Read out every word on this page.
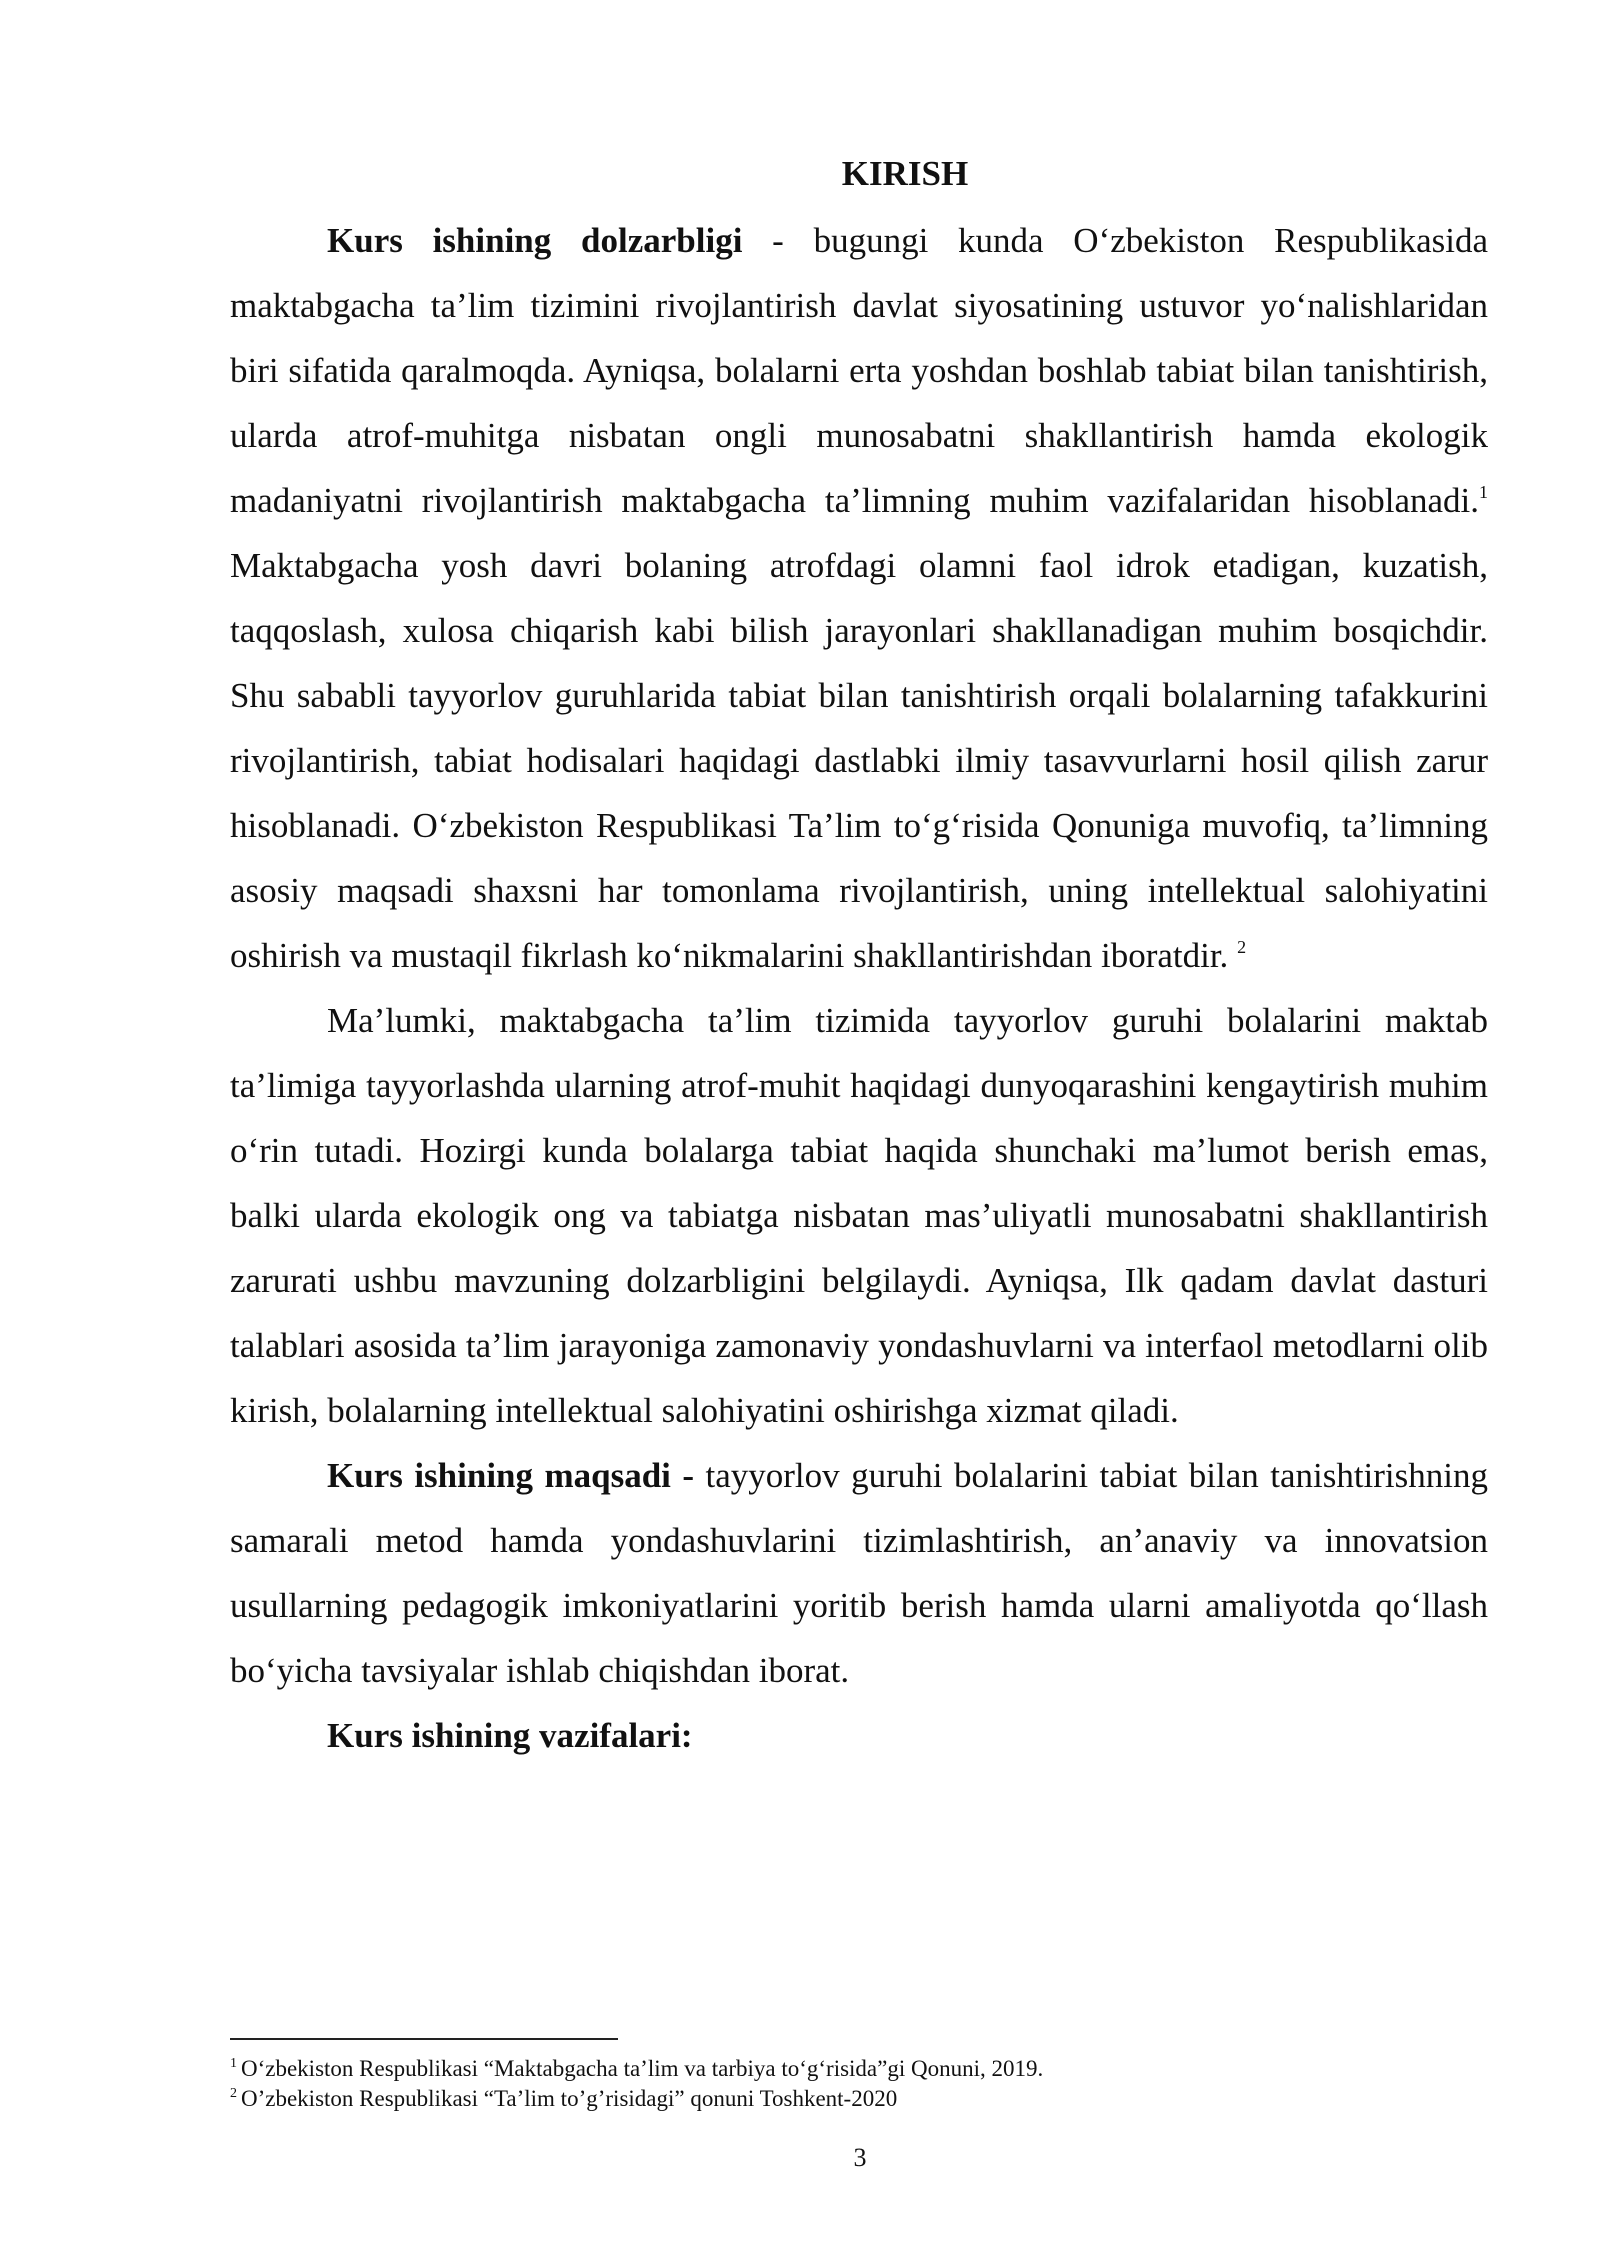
KIRISH

Kurs ishining dolzarbligi - bugungi kunda O‘zbekiston Respublikasida maktabgacha ta’lim tizimini rivojlantirish davlat siyosatining ustuvor yo‘nalishlaridan biri sifatida qaralmoqda. Ayniqsa, bolalarni erta yoshdan boshlab tabiat bilan tanishtirish, ularda atrof-muhitga nisbatan ongli munosabatni shakllantirish hamda ekologik madaniyatni rivojlantirish maktabgacha ta’limning muhim vazifalaridan hisoblanadi.$^1$ Maktabgacha yosh davri bolaning atrofdagi olamni faol idrok etadigan, kuzatish, taqqoslash, xulosa chiqarish kabi bilish jarayonlari shakllanadigan muhim bosqichdir. Shu sababli tayyorlov guruhlarida tabiat bilan tanishtirish orqali bolalarning tafakkurini rivojlantirish, tabiat hodisalari haqidagi dastlabki ilmiy tasavvurlarni hosil qilish zarur hisoblanadi. O‘zbekiston Respublikasi Ta’lim to‘g‘risida Qonuniga muvofiq, ta’limning asosiy maqsadi shaxsni har tomonlama rivojlantirish, uning intellektual salohiyatini oshirish va mustaqil fikrlash ko‘nikmalarini shakllantirishdan iboratdir. $^2$

Ma’lumki, maktabgacha ta’lim tizimida tayyorlov guruhi bolalarini maktab ta’limiga tayyorlashda ularning atrof-muhit haqidagi dunyoqarashini kengaytirish muhim o‘rin tutadi. Hozirgi kunda bolalarga tabiat haqida shunchaki ma’lumot berish emas, balki ularda ekologik ong va tabiatga nisbatan mas’uliyatli munosabatni shakllantirish zarurati ushbu mavzuning dolzarbligini belgilaydi. Ayniqsa, Ilk qadam davlat dasturi talablari asosida ta’lim jarayoniga zamonaviy yondashuvlarni va interfaol metodlarni olib kirish, bolalarning intellektual salohiyatini oshirishga xizmat qiladi.

Kurs ishining maqsadi - tayyorlov guruhi bolalarini tabiat bilan tanishtirishning samarali metod hamda yondashuvlarini tizimlashtirish, an’anaviy va innovatsion usullarning pedagogik imkoniyatlarini yoritib berish hamda ularni amaliyotda qo‘llash bo‘yicha tavsiyalar ishlab chiqishdan iborat.

Kurs ishining vazifalari:

$^1$ O‘zbekiston Respublikasi “Maktabgacha ta’lim va tarbiya to‘g‘risida”gi Qonuni, 2019.
$^2$ O’zbekiston Respublikasi “Ta’lim to’g’risidagi” qonuni Toshkent-2020
3
